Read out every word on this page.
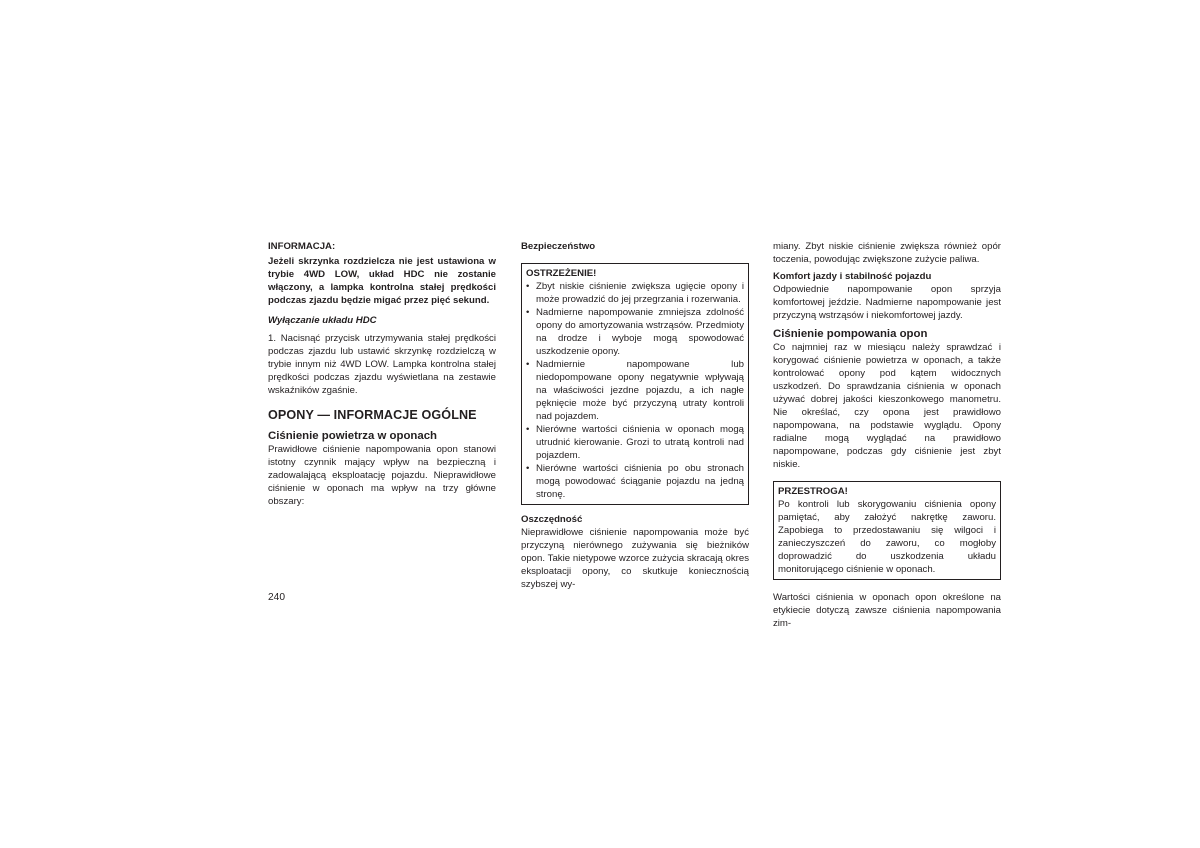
INFORMACJA:

Jeżeli skrzynka rozdzielcza nie jest ustawiona w trybie 4WD LOW, układ HDC nie zostanie włączony, a lampka kontrolna stałej prędkości podczas zjazdu będzie migać przez pięć sekund.

Wyłączanie układu HDC

1. Nacisnąć przycisk utrzymywania stałej prędkości podczas zjazdu lub ustawić skrzynkę rozdzielczą w trybie innym niż 4WD LOW. Lampka kontrolna stałej prędkości podczas zjazdu wyświetlana na zestawie wskaźników zgaśnie.

OPONY — INFORMACJE OGÓLNE

Ciśnienie powietrza w oponach

Prawidłowe ciśnienie napompowania opon stanowi istotny czynnik mający wpływ na bezpieczną i zadowalającą eksploatację pojazdu. Nieprawidłowe ciśnienie w oponach ma wpływ na trzy główne obszary:

Bezpieczeństwo

OSTRZEŻENIE!

• Zbyt niskie ciśnienie zwiększa ugięcie opony i może prowadzić do jej przegrzania i rozerwania.
• Nadmierne napompowanie zmniejsza zdolność opony do amortyzowania wstrząsów. Przedmioty na drodze i wyboje mogą spowodować uszkodzenie opony.
• Nadmiernie napompowane lub niedopompowane opony negatywnie wpływają na właściwości jezdne pojazdu, a ich nagłe pęknięcie może być przyczyną utraty kontroli nad pojazdem.
• Nierówne wartości ciśnienia w oponach mogą utrudnić kierowanie. Grozi to utratą kontroli nad pojazdem.
• Nierówne wartości ciśnienia po obu stronach mogą powodować ściąganie pojazdu na jedną stronę.

Oszczędność

Nieprawidłowe ciśnienie napompowania może być przyczyną nierównego zużywania się bieżników opon. Takie nietypowe wzorce zużycia skracają okres eksploatacji opony, co skutkuje koniecznością szybszej wy-

miany. Zbyt niskie ciśnienie zwiększa również opór toczenia, powodując zwiększone zużycie paliwa.

Komfort jazdy i stabilność pojazdu

Odpowiednie napompowanie opon sprzyja komfortowej jeździe. Nadmierne napompowanie jest przyczyną wstrząsów i niekomfortowej jazdy.

Ciśnienie pompowania opon

Co najmniej raz w miesiącu należy sprawdzać i korygować ciśnienie powietrza w oponach, a także kontrolować opony pod kątem widocznych uszkodzeń. Do sprawdzania ciśnienia w oponach używać dobrej jakości kieszonkowego manometru. Nie określać, czy opona jest prawidłowo napompowana, na podstawie wyglądu. Opony radialne mogą wyglądać na prawidłowo napompowane, podczas gdy ciśnienie jest zbyt niskie.

PRZESTROGA!

Po kontroli lub skorygowaniu ciśnienia opony pamiętać, aby założyć nakrętkę zaworu. Zapobiega to przedostawaniu się wilgoci i zanieczyszczeń do zaworu, co mogłoby doprowadzić do uszkodzenia układu monitorującego ciśnienie w oponach.

Wartości ciśnienia w oponach opon określone na etykiecie dotyczą zawsze ciśnienia napompowania zim-

240
